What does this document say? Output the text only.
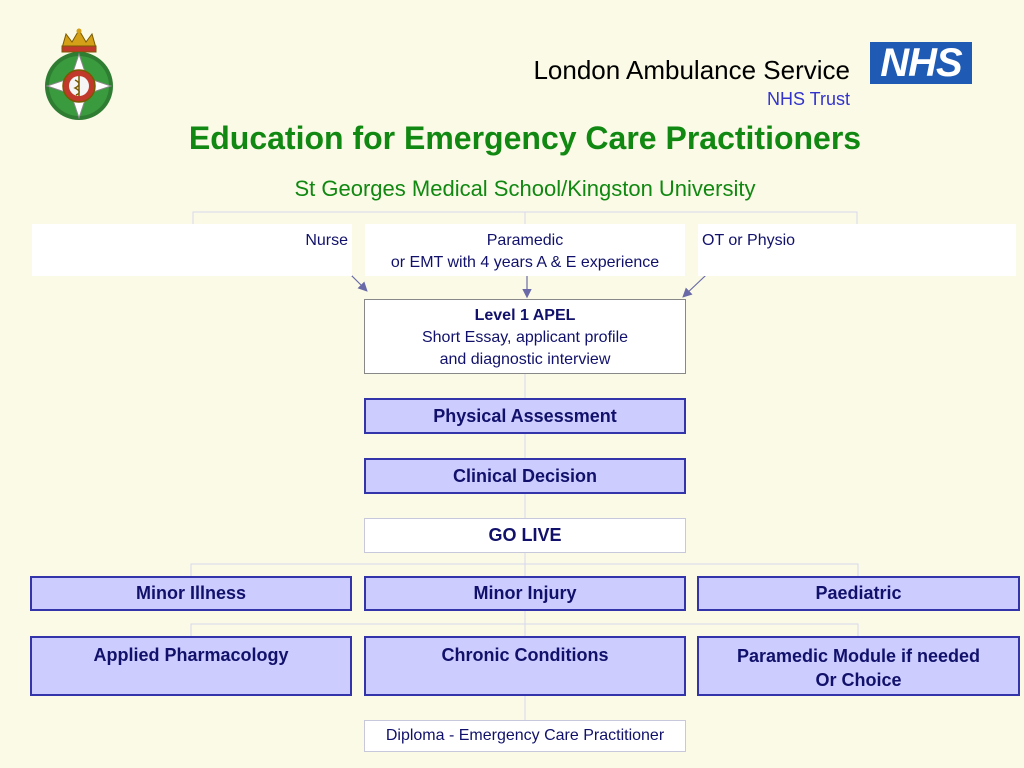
London Ambulance Service
NHS Trust
NHS
Education for Emergency Care Practitioners
St Georges Medical School/Kingston University
Nurse	Paramedic
or EMT with 4 years A & E experience
OT or Physio
Level 1 APEL
Short Essay, applicant profile
and diagnostic interview
Physical Assessment
Clinical Decision
GO LIVE
Minor Illness	Minor Injury	Paediatric
Applied Pharmacology	Chronic Conditions	Paramedic Module if needed
Or Choice
Diploma - Emergency Care Practitioner
